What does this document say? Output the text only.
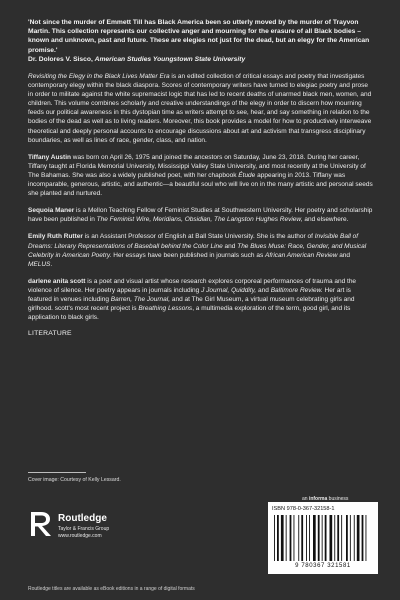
'Not since the murder of Emmett Till has Black America been so utterly moved by the murder of Trayvon Martin. This collection represents our collective anger and mourning for the erasure of all Black bodies – known and unknown, past and future. These are elegies not just for the dead, but an elegy for the American promise.'

Dr. Dolores V. Sisco, American Studies Youngstown State University

Revisiting the Elegy in the Black Lives Matter Era is an edited collection of critical essays and poetry that investigates contemporary elegy within the black diaspora. Scores of contemporary writers have turned to elegiac poetry and prose in order to militate against the white supremacist logic that has led to recent deaths of unarmed black men, women, and children. This volume combines scholarly and creative understandings of the elegy in order to discern how mourning feeds our political awareness in this dystopian time as writers attempt to see, hear, and say something in relation to the bodies of the dead as well as to living readers. Moreover, this book provides a model for how to productively interweave theoretical and deeply personal accounts to encourage discussions about art and activism that transgress disciplinary boundaries, as well as lines of race, gender, class, and nation.

Tiffany Austin was born on April 26, 1975 and joined the ancestors on Saturday, June 23, 2018. During her career, Tiffany taught at Florida Memorial University, Mississippi Valley State University, and most recently at the University of The Bahamas. She was also a widely published poet, with her chapbook Étude appearing in 2013. Tiffany was incomparable, generous, artistic, and authentic—a beautiful soul who will live on in the many artistic and personal seeds she planted and nurtured.

Sequoia Maner is a Mellon Teaching Fellow of Feminist Studies at Southwestern University. Her poetry and scholarship have been published in The Feminist Wire, Meridians, Obsidian, The Langston Hughes Review, and elsewhere.

Emily Ruth Rutter is an Assistant Professor of English at Ball State University. She is the author of Invisible Ball of Dreams: Literary Representations of Baseball behind the Color Line and The Blues Muse: Race, Gender, and Musical Celebrity in American Poetry. Her essays have been published in journals such as African American Review and MELUS.

darlene anita scott is a poet and visual artist whose research explores corporeal performances of trauma and the violence of silence. Her poetry appears in journals including J Journal, Quiddity, and Baltimore Review. Her art is featured in venues including Barren, The Journal, and at The Girl Museum, a virtual museum celebrating girls and girlhood. scott's most recent project is Breathing Lessons, a multimedia exploration of the term, good girl, and its application to black girls.

LITERATURE
Cover image: Courtesy of Kelly Lessard.
an informa business
Routledge
Taylor & Francis Group
www.routledge.com
ISBN 978-0-367-32158-1
9 780367 321581
Routledge titles are available as eBook editions in a range of digital formats
